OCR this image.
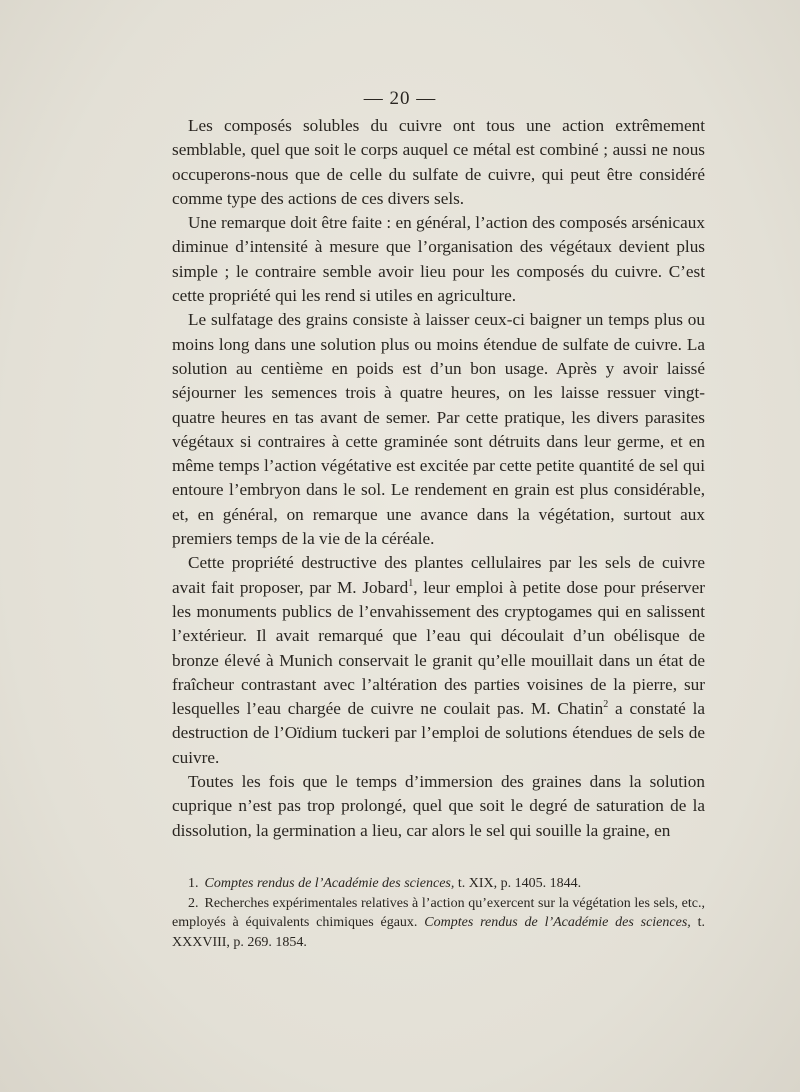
— 20 —

Les composés solubles du cuivre ont tous une action extrêmement semblable, quel que soit le corps auquel ce métal est combiné ; aussi ne nous occuperons-nous que de celle du sulfate de cuivre, qui peut être considéré comme type des actions de ces divers sels.

Une remarque doit être faite : en général, l’action des composés arsénicaux diminue d’intensité à mesure que l’organisation des végétaux devient plus simple ; le contraire semble avoir lieu pour les composés du cuivre. C’est cette propriété qui les rend si utiles en agriculture.

Le sulfatage des grains consiste à laisser ceux-ci baigner un temps plus ou moins long dans une solution plus ou moins étendue de sulfate de cuivre. La solution au centième en poids est d’un bon usage. Après y avoir laissé séjourner les semences trois à quatre heures, on les laisse ressuer vingt-quatre heures en tas avant de semer. Par cette pratique, les divers parasites végétaux si contraires à cette graminée sont détruits dans leur germe, et en même temps l’action végétative est excitée par cette petite quantité de sel qui entoure l’embryon dans le sol. Le rendement en grain est plus considérable, et, en général, on remarque une avance dans la végétation, surtout aux premiers temps de la vie de la céréale.

Cette propriété destructive des plantes cellulaires par les sels de cuivre avait fait proposer, par M. Jobard$^1$, leur emploi à petite dose pour préserver les monuments publics de l’envahissement des cryptogames qui en salissent l’extérieur. Il avait remarqué que l’eau qui découlait d’un obélisque de bronze élevé à Munich conservait le granit qu’elle mouillait dans un état de fraîcheur contrastant avec l’altération des parties voisines de la pierre, sur lesquelles l’eau chargée de cuivre ne coulait pas. M. Chatin$^2$ a constaté la destruction de l’Oïdium tuckeri par l’emploi de solutions étendues de sels de cuivre.

Toutes les fois que le temps d’immersion des graines dans la solution cuprique n’est pas trop prolongé, quel que soit le degré de saturation de la dissolution, la germination a lieu, car alors le sel qui souille la graine, en

1. Comptes rendus de l’Académie des sciences, t. XIX, p. 1405. 1844.

2. Recherches expérimentales relatives à l’action qu’exercent sur la végétation les sels, etc., employés à équivalents chimiques égaux. Comptes rendus de l’Académie des sciences, t. XXXVIII, p. 269. 1854.
